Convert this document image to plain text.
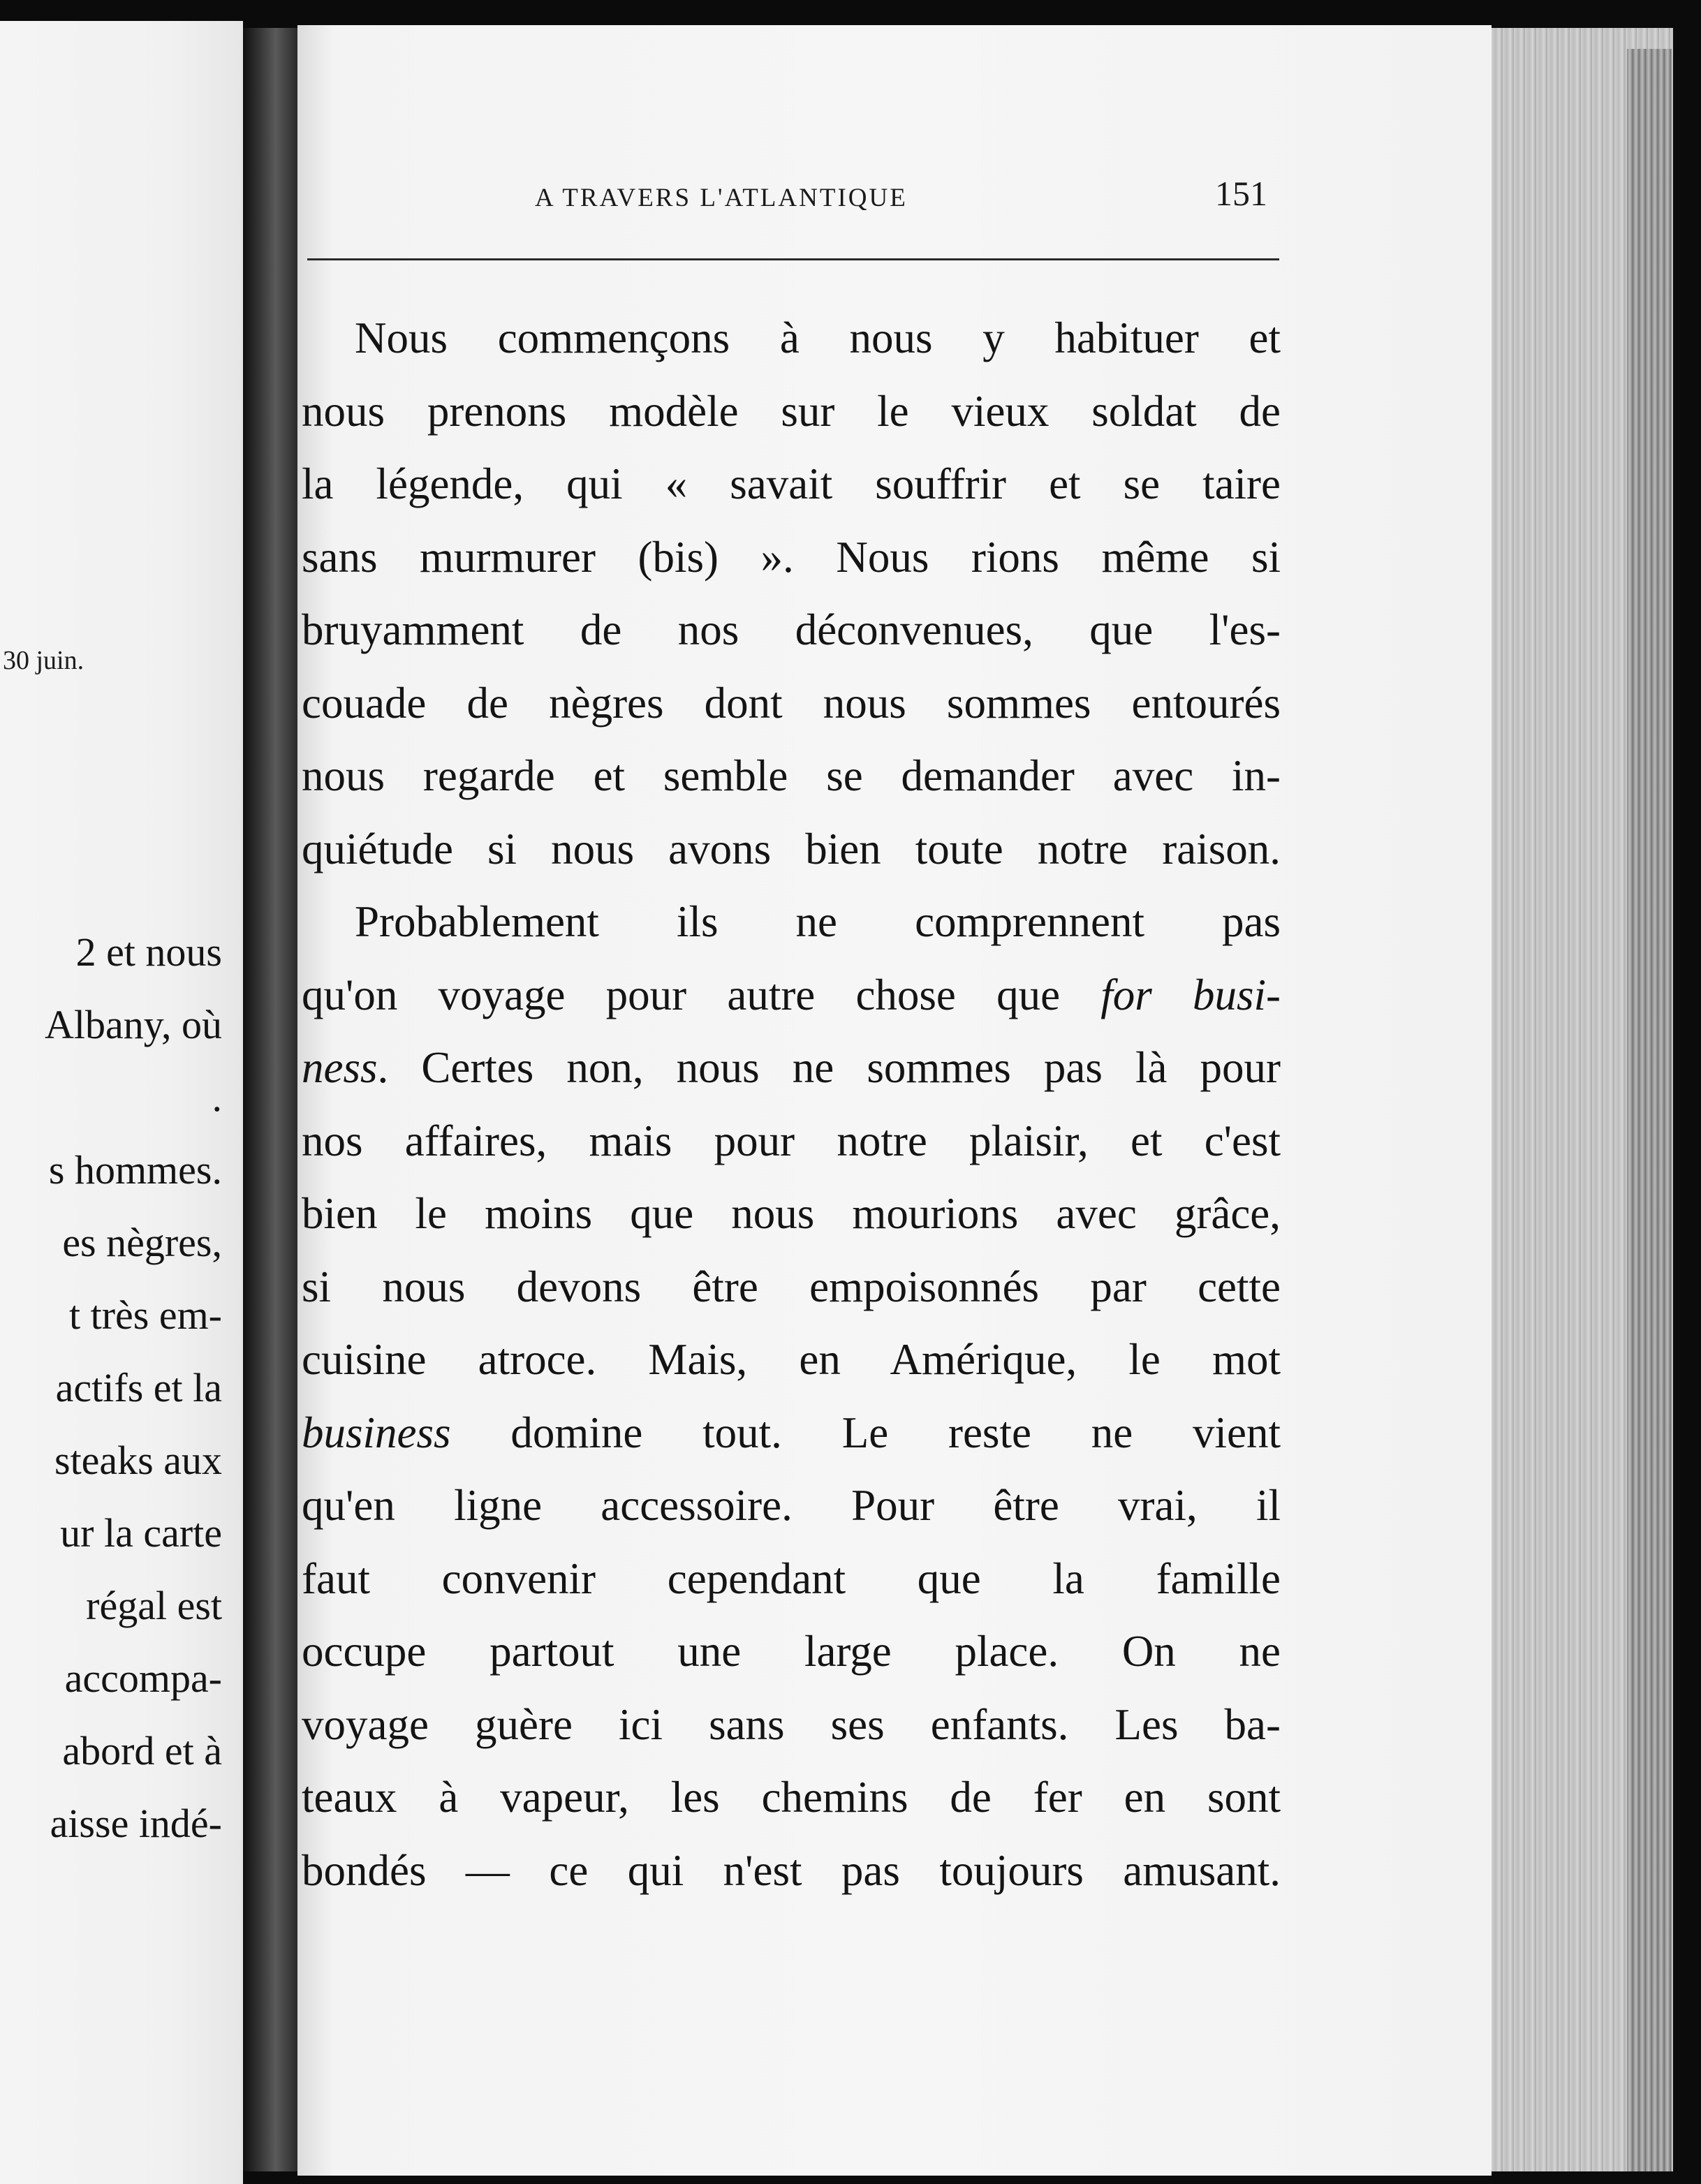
30 juin.
2 et nous
Albany, où
.
s hommes.
es nègres,
t très em-
actifs et la
steaks aux
ur la carte
régal est
accompa-
abord et à
aisse indé-
A TRAVERS L'ATLANTIQUE	151
Nous commençons à nous y habituer et
nous prenons modèle sur le vieux soldat de
la légende, qui « savait souffrir et se taire
sans murmurer (bis) ». Nous rions même si
bruyamment de nos déconvenues, que l'es-
couade de nègres dont nous sommes entourés
nous regarde et semble se demander avec in-
quiétude si nous avons bien toute notre raison.
Probablement ils ne comprennent pas
qu'on voyage pour autre chose que for busi-
ness. Certes non, nous ne sommes pas là pour
nos affaires, mais pour notre plaisir, et c'est
bien le moins que nous mourions avec grâce,
si nous devons être empoisonnés par cette
cuisine atroce. Mais, en Amérique, le mot
business domine tout. Le reste ne vient
qu'en ligne accessoire. Pour être vrai, il
faut convenir cependant que la famille
occupe partout une large place. On ne
voyage guère ici sans ses enfants. Les ba-
teaux à vapeur, les chemins de fer en sont
bondés — ce qui n'est pas toujours amusant.
